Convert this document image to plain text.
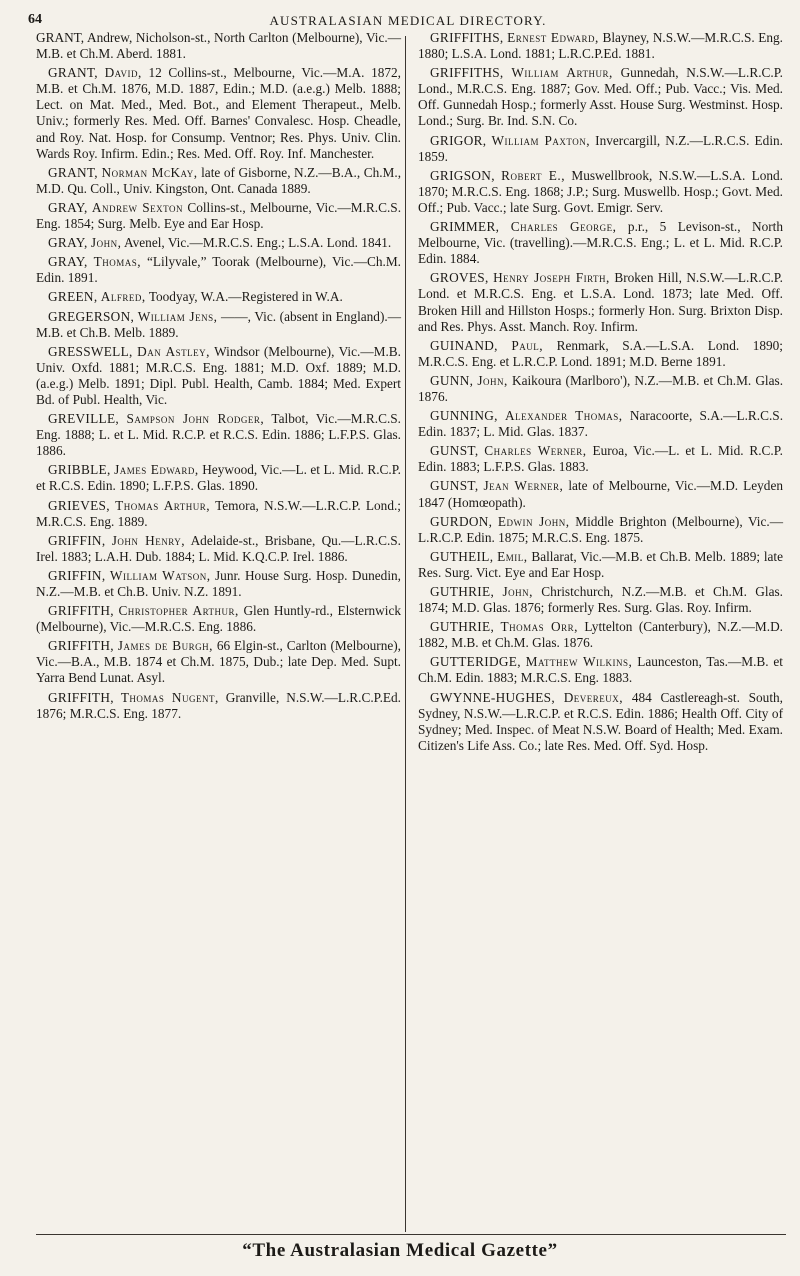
64	AUSTRALASIAN MEDICAL DIRECTORY.

GRANT, Andrew, Nicholson-st., North Carlton (Melbourne), Vic.—M.B. et Ch.M. Aberd. 1881.

GRANT, David, 12 Collins-st., Melbourne, Vic.—M.A. 1872, M.B. et Ch.M. 1876, M.D. 1887, Edin.; M.D. (a.e.g.) Melb. 1888; Lect. on Mat. Med., Med. Bot., and Element Therapeut., Melb. Univ.; formerly Res. Med. Off. Barnes' Convalesc. Hosp. Cheadle, and Roy. Nat. Hosp. for Consump. Ventnor; Res. Phys. Univ. Clin. Wards Roy. Infirm. Edin.; Res. Med. Off. Roy. Inf. Manchester.

GRANT, Norman McKay, late of Gisborne, N.Z.—B.A., Ch.M., M.D. Qu. Coll., Univ. Kingston, Ont. Canada 1889.

GRAY, Andrew Sexton Collins-st., Melbourne, Vic.—M.R.C.S. Eng. 1854; Surg. Melb. Eye and Ear Hosp.

GRAY, John, Avenel, Vic.—M.R.C.S. Eng.; L.S.A. Lond. 1841.

GRAY, Thomas, “Lilyvale,” Toorak (Melbourne), Vic.—Ch.M. Edin. 1891.

GREEN, Alfred, Toodyay, W.A.—Registered in W.A.

GREGERSON, William Jens, ——, Vic. (absent in England).—M.B. et Ch.B. Melb. 1889.

GRESSWELL, Dan Astley, Windsor (Melbourne), Vic.—M.B. Univ. Oxfd. 1881; M.R.C.S. Eng. 1881; M.D. Oxf. 1889; M.D. (a.e.g.) Melb. 1891; Dipl. Publ. Health, Camb. 1884; Med. Expert Bd. of Publ. Health, Vic.

GREVILLE, Sampson John Rodger, Talbot, Vic.—M.R.C.S. Eng. 1888; L. et L. Mid. R.C.P. et R.C.S. Edin. 1886; L.F.P.S. Glas. 1886.

GRIBBLE, James Edward, Heywood, Vic.—L. et L. Mid. R.C.P. et R.C.S. Edin. 1890; L.F.P.S. Glas. 1890.

GRIEVES, Thomas Arthur, Temora, N.S.W.—L.R.C.P. Lond.; M.R.C.S. Eng. 1889.

GRIFFIN, John Henry, Adelaide-st., Brisbane, Qu.—L.R.C.S. Irel. 1883; L.A.H. Dub. 1884; L. Mid. K.Q.C.P. Irel. 1886.

GRIFFIN, William Watson, Junr. House Surg. Hosp. Dunedin, N.Z.—M.B. et Ch.B. Univ. N.Z. 1891.

GRIFFITH, Christopher Arthur, Glen Huntly-rd., Elsternwick (Melbourne), Vic.—M.R.C.S. Eng. 1886.

GRIFFITH, James de Burgh, 66 Elgin-st., Carlton (Melbourne), Vic.—B.A., M.B. 1874 et Ch.M. 1875, Dub.; late Dep. Med. Supt. Yarra Bend Lunat. Asyl.

GRIFFITH, Thomas Nugent, Granville, N.S.W.—L.R.C.P.Ed. 1876; M.R.C.S. Eng. 1877.

GRIFFITHS, Ernest Edward, Blayney, N.S.W.—M.R.C.S. Eng. 1880; L.S.A. Lond. 1881; L.R.C.P.Ed. 1881.

GRIFFITHS, William Arthur, Gunnedah, N.S.W.—L.R.C.P. Lond., M.R.C.S. Eng. 1887; Gov. Med. Off.; Pub. Vacc.; Vis. Med. Off. Gunnedah Hosp.; formerly Asst. House Surg. Westminst. Hosp. Lond.; Surg. Br. Ind. S.N. Co.

GRIGOR, William Paxton, Invercargill, N.Z.—L.R.C.S. Edin. 1859.

GRIGSON, Robert E., Muswellbrook, N.S.W.—L.S.A. Lond. 1870; M.R.C.S. Eng. 1868; J.P.; Surg. Muswellb. Hosp.; Govt. Med. Off.; Pub. Vacc.; late Surg. Govt. Emigr. Serv.

GRIMMER, Charles George, p.r., 5 Levison-st., North Melbourne, Vic. (travelling).—M.R.C.S. Eng.; L. et L. Mid. R.C.P. Edin. 1884.

GROVES, Henry Joseph Firth, Broken Hill, N.S.W.—L.R.C.P. Lond. et M.R.C.S. Eng. et L.S.A. Lond. 1873; late Med. Off. Broken Hill and Hillston Hosps.; formerly Hon. Surg. Brixton Disp. and Res. Phys. Asst. Manch. Roy. Infirm.

GUINAND, Paul, Renmark, S.A.—L.S.A. Lond. 1890; M.R.C.S. Eng. et L.R.C.P. Lond. 1891; M.D. Berne 1891.

GUNN, John, Kaikoura (Marlboro'), N.Z.—M.B. et Ch.M. Glas. 1876.

GUNNING, Alexander Thomas, Naracoorte, S.A.—L.R.C.S. Edin. 1837; L. Mid. Glas. 1837.

GUNST, Charles Werner, Euroa, Vic.—L. et L. Mid. R.C.P. Edin. 1883; L.F.P.S. Glas. 1883.

GUNST, Jean Werner, late of Melbourne, Vic.—M.D. Leyden 1847 (Homœopath).

GURDON, Edwin John, Middle Brighton (Melbourne), Vic.—L.R.C.P. Edin. 1875; M.R.C.S. Eng. 1875.

GUTHEIL, Emil, Ballarat, Vic.—M.B. et Ch.B. Melb. 1889; late Res. Surg. Vict. Eye and Ear Hosp.

GUTHRIE, John, Christchurch, N.Z.—M.B. et Ch.M. Glas. 1874; M.D. Glas. 1876; formerly Res. Surg. Glas. Roy. Infirm.

GUTHRIE, Thomas Orr, Lyttelton (Canterbury), N.Z.—M.D. 1882, M.B. et Ch.M. Glas. 1876.

GUTTERIDGE, Matthew Wilkins, Launceston, Tas.—M.B. et Ch.M. Edin. 1883; M.R.C.S. Eng. 1883.

GWYNNE-HUGHES, Devereux, 484 Castlereagh-st. South, Sydney, N.S.W.—L.R.C.P. et R.C.S. Edin. 1886; Health Off. City of Sydney; Med. Inspec. of Meat N.S.W. Board of Health; Med. Exam. Citizen's Life Ass. Co.; late Res. Med. Off. Syd. Hosp.

“The Australasian Medical Gazette”
